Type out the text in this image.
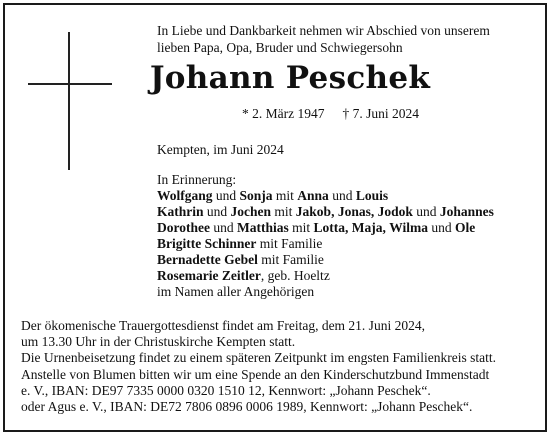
In Liebe und Dankbarkeit nehmen wir Abschied von unserem
lieben Papa, Opa, Bruder und Schwiegersohn
Johann Peschek
* 2. März 1947 † 7. Juni 2024
Kempten, im Juni 2024
In Erinnerung:
Wolfgang und Sonja mit Anna und Louis
Kathrin und Jochen mit Jakob, Jonas, Jodok und Johannes
Dorothee und Matthias mit Lotta, Maja, Wilma und Ole
Brigitte Schinner mit Familie
Bernadette Gebel mit Familie
Rosemarie Zeitler, geb. Hoeltz
im Namen aller Angehörigen
Der ökomenische Trauergottesdienst findet am Freitag, dem 21. Juni 2024,
um 13.30 Uhr in der Christuskirche Kempten statt.
Die Urnenbeisetzung findet zu einem späteren Zeitpunkt im engsten Familienkreis statt.
Anstelle von Blumen bitten wir um eine Spende an den Kinderschutzbund Immenstadt
e. V., IBAN: DE97 7335 0000 0320 1510 12, Kennwort: „Johann Peschek“.
oder Agus e. V., IBAN: DE72 7806 0896 0006 1989, Kennwort: „Johann Peschek“.
